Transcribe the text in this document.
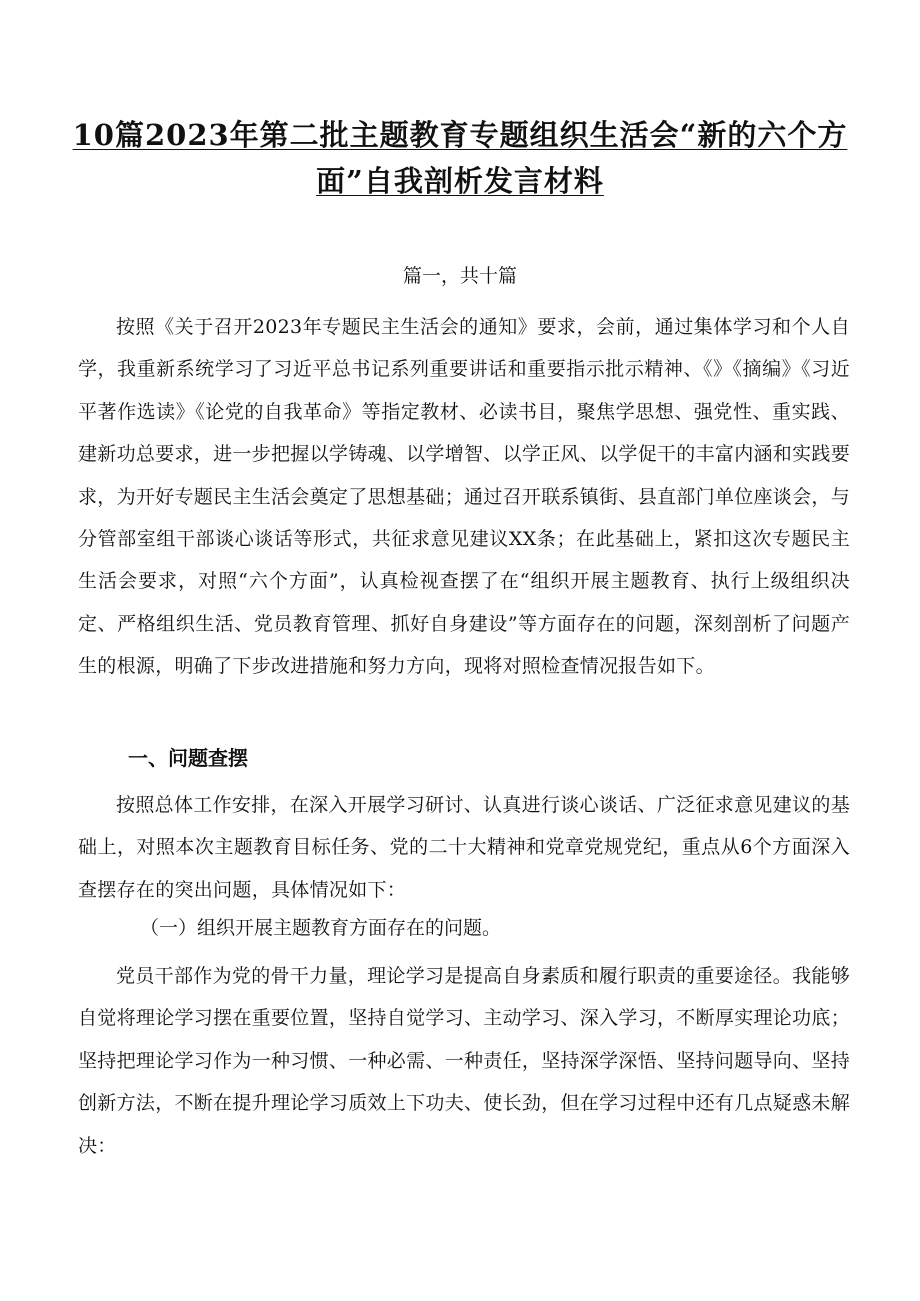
10篇2023年第二批主题教育专题组织生活会“新的六个方面”自我剖析发言材料
篇一，共十篇

按照《关于召开2023年专题民主生活会的通知》要求，会前，通过集体学习和个人自学，我重新系统学习了习近平总书记系列重要讲话和重要指示批示精神、《》《摘编》《习近平著作选读》《论党的自我革命》等指定教材、必读书目，聚焦学思想、强党性、重实践、建新功总要求，进一步把握以学铸魂、以学增智、以学正风、以学促干的丰富内涵和实践要求，为开好专题民主生活会奠定了思想基础；通过召开联系镇街、县直部门单位座谈会，与分管部室组干部谈心谈话等形式，共征求意见建议XX条；在此基础上，紧扣这次专题民主生活会要求，对照“六个方面”，认真检视查摆了在“组织开展主题教育、执行上级组织决定、严格组织生活、党员教育管理、抓好自身建设”等方面存在的问题，深刻剖析了问题产生的根源，明确了下步改进措施和努力方向，现将对照检查情况报告如下。

一、问题查摆

按照总体工作安排，在深入开展学习研讨、认真进行谈心谈话、广泛征求意见建议的基础上，对照本次主题教育目标任务、党的二十大精神和党章党规党纪，重点从6个方面深入查摆存在的突出问题，具体情况如下：

（一）组织开展主题教育方面存在的问题。

党员干部作为党的骨干力量，理论学习是提高自身素质和履行职责的重要途径。我能够自觉将理论学习摆在重要位置，坚持自觉学习、主动学习、深入学习，不断厚实理论功底；坚持把理论学习作为一种习惯、一种必需、一种责任，坚持深学深悟、坚持问题导向、坚持创新方法，不断在提升理论学习质效上下功夫、使长劲，但在学习过程中还有几点疑惑未解决：
